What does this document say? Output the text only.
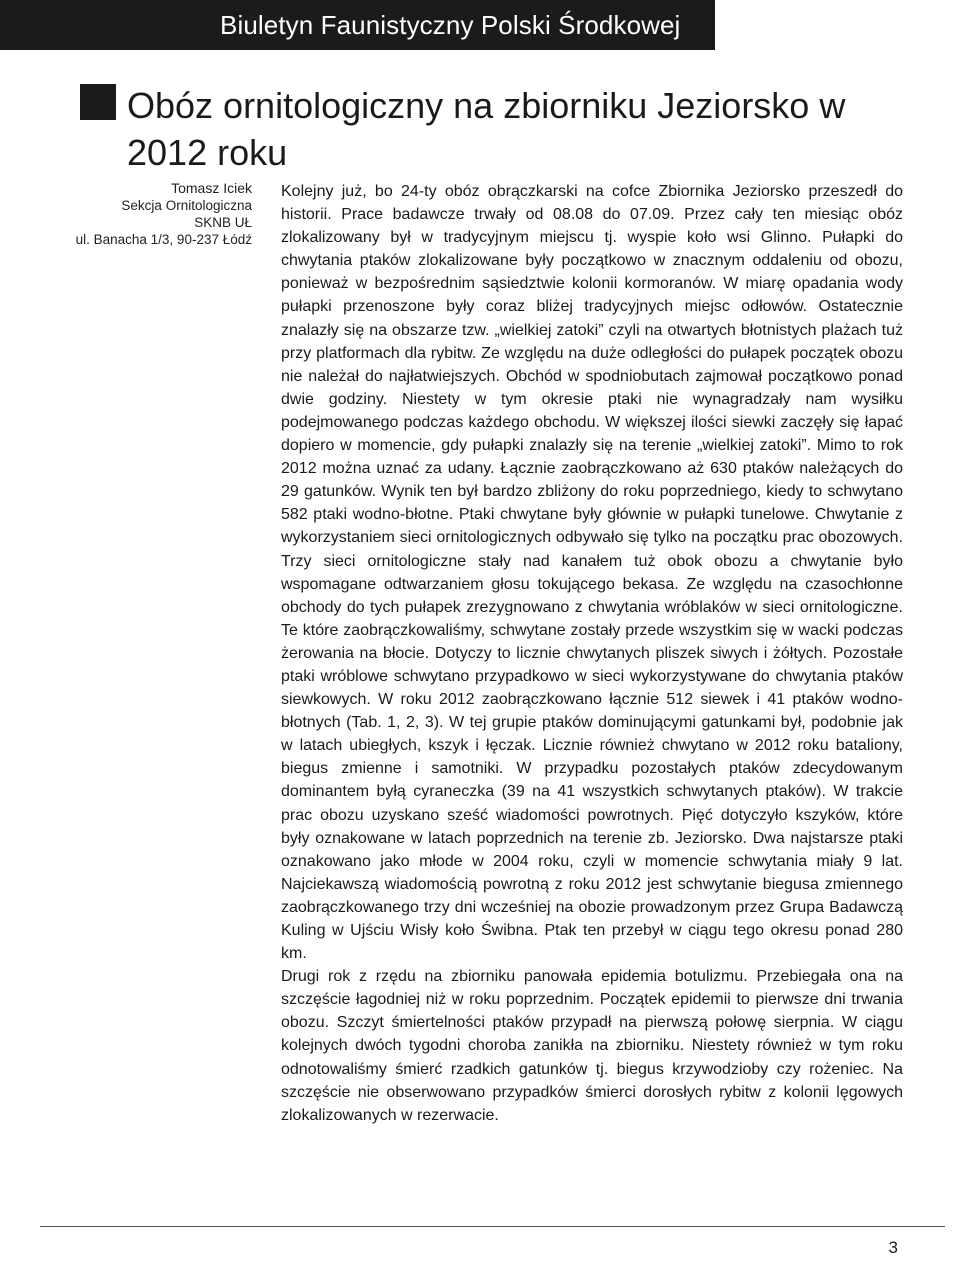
Biuletyn Faunistyczny Polski Środkowej
Obóz ornitologiczny na zbiorniku Jeziorsko w 2012 roku
Tomasz Iciek
Sekcja Ornitologiczna
SKNB UŁ
ul. Banacha 1/3, 90-237 Łódź

Kolejny już, bo 24-ty obóz obrączkarski na cofce Zbiornika Jeziorsko przeszedł do historii. Prace badawcze trwały od 08.08 do 07.09. Przez cały ten miesiąc obóz zlokalizowany był w tradycyjnym miejscu tj. wyspie koło wsi Glinno. Pułapki do chwytania ptaków zlokalizowane były początkowo w znacznym oddaleniu od obozu, ponieważ w bezpośrednim sąsiedztwie kolonii kormoranów. W miarę opadania wody pułapki przenoszone były coraz bliżej tradycyjnych miejsc odłowów. Ostatecznie znalazły się na obszarze tzw. „wielkiej zatoki” czyli na otwartych błotnistych plażach tuż przy platformach dla rybitw. Ze względu na duże odległości do pułapek początek obozu nie należał do najłatwiejszych. Obchód w spodniobutach zajmował początkowo ponad dwie godziny. Niestety w tym okresie ptaki nie wynagradzały nam wysiłku podejmowanego podczas każdego obchodu. W większej ilości siewki zaczęły się łapać dopiero w momencie, gdy pułapki znalazły się na terenie „wielkiej zatoki”. Mimo to rok 2012 można uznać za udany. Łącznie zaobrączkowano aż 630 ptaków należących do 29 gatunków. Wynik ten był bardzo zbliżony do roku poprzedniego, kiedy to schwytano 582 ptaki wodno-błotne. Ptaki chwytane były głównie w pułapki tunelowe. Chwytanie z wykorzystaniem sieci ornitologicznych odbywało się tylko na początku prac obozowych. Trzy sieci ornitologiczne stały nad kanałem tuż obok obozu a chwytanie było wspomagane odtwarzaniem głosu tokującego bekasa. Ze względu na czasochłonne obchody do tych pułapek zrezygnowano z chwytania wróblaków w sieci ornitologiczne. Te które zaobrączkowaliśmy, schwytane zostały przede wszystkim się w wacki podczas żerowania na błocie. Dotyczy to licznie chwytanych pliszek siwych i żółtych. Pozostałe ptaki wróblowe schwytano przypadkowo w sieci wykorzystywane do chwytania ptaków siewkowych. W roku 2012 zaobrączkowano łącznie 512 siewek i 41 ptaków wodno-błotnych (Tab. 1, 2, 3). W tej grupie ptaków dominującymi gatunkami był, podobnie jak w latach ubiegłych, kszyk i łęczak. Licznie również chwytano w 2012 roku bataliony, biegus zmienne i samotniki. W przypadku pozostałych ptaków zdecydowanym dominantem byłą cyraneczka (39 na 41 wszystkich schwytanych ptaków). W trakcie prac obozu uzyskano sześć wiadomości powrotnych. Pięć dotyczyło kszyków, które były oznakowane w latach poprzednich na terenie zb. Jeziorsko. Dwa najstarsze ptaki oznakowano jako młode w 2004 roku, czyli w momencie schwytania miały 9 lat. Najciekawszą wiadomością powrotną z roku 2012 jest schwytanie biegusa zmiennego zaobrączkowanego trzy dni wcześniej na obozie prowadzonym przez Grupa Badawczą Kuling w Ujściu Wisły koło Świbna. Ptak ten przebył w ciągu tego okresu ponad 280 km.

Drugi rok z rzędu na zbiorniku panowała epidemia botulizmu. Przebiegała ona na szczęście łagodniej niż w roku poprzednim. Początek epidemii to pierwsze dni trwania obozu. Szczyt śmiertelności ptaków przypadł na pierwszą połowę sierpnia. W ciągu kolejnych dwóch tygodni choroba zanikła na zbiorniku. Niestety również w tym roku odnotowaliśmy śmierć rzadkich gatunków tj. biegus krzywodzioby czy rożeniec. Na szczęście nie obserwowano przypadków śmierci dorosłych rybitw z kolonii lęgowych zlokalizowanych w rezerwacie.

3
